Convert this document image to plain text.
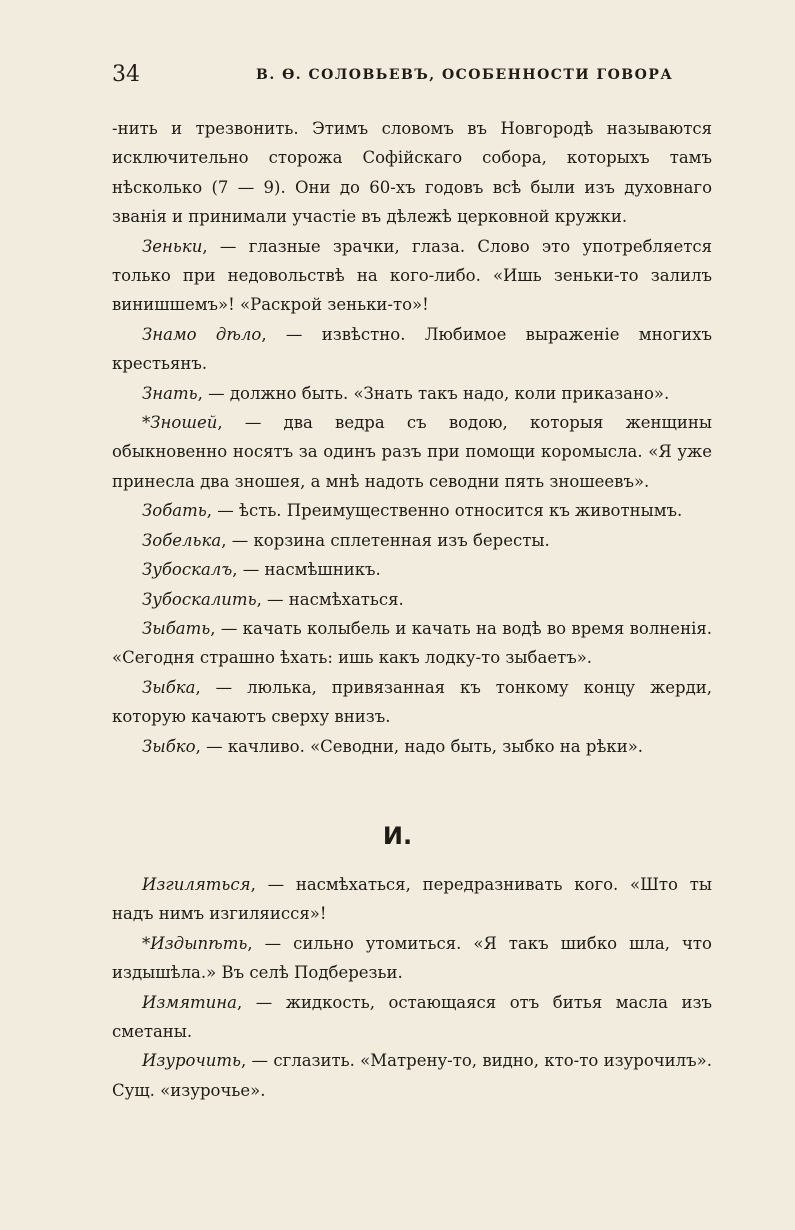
34	В. Ѳ. СОЛОВЬЕВЪ, ОСОБЕННОСТИ ГОВОРА

-нить и трезвонить. Этимъ словомъ въ Новгородѣ называются исключительно сторожа Софійскаго собора, которыхъ тамъ нѣсколько (7 — 9). Они до 60-хъ годовъ всѣ были изъ духовнаго званія и принимали участіе въ дѣлежѣ церковной кружки.

Зеньки, — глазные зрачки, глаза. Слово это употребляется только при недовольствѣ на кого-либо. «Ишь зеньки-то залилъ винишшемъ»! «Раскрой зеньки-то»!

Знамо дѣло, — извѣстно. Любимое выраженіе многихъ крестьянъ.

Знать, — должно быть. «Знать такъ надо, коли приказано».

*Зношей, — два ведра съ водою, которыя женщины обыкновенно носятъ за одинъ разъ при помощи коромысла. «Я уже принесла два зношея, а мнѣ надоть севодни пять зношеевъ».

Зобать, — ѣсть. Преимущественно относится къ животнымъ.

Зобелька, — корзина сплетенная изъ бересты.

Зубоскалъ, — насмѣшникъ.

Зубоскалить, — насмѣхаться.

Зыбать, — качать колыбель и качать на водѣ во время волненія. «Сегодня страшно ѣхать: ишь какъ лодку-то зыбаетъ».

Зыбка, — люлька, привязанная къ тонкому концу жерди, которую качаютъ сверху внизъ.

Зыбко, — качливо. «Севодни, надо быть, зыбко на рѣки».

И.

Изгиляться, — насмѣхаться, передразнивать кого. «Што ты надъ нимъ изгиляисся»!

*Издыпѣть, — сильно утомиться. «Я такъ шибко шла, что издышѣла.» Въ селѣ Подберезьи.

Измятина, — жидкость, остающаяся отъ битья масла изъ сметаны.

Изурочить, — сглазить. «Матрену-то, видно, кто-то изурочилъ». Сущ. «изурочье».
